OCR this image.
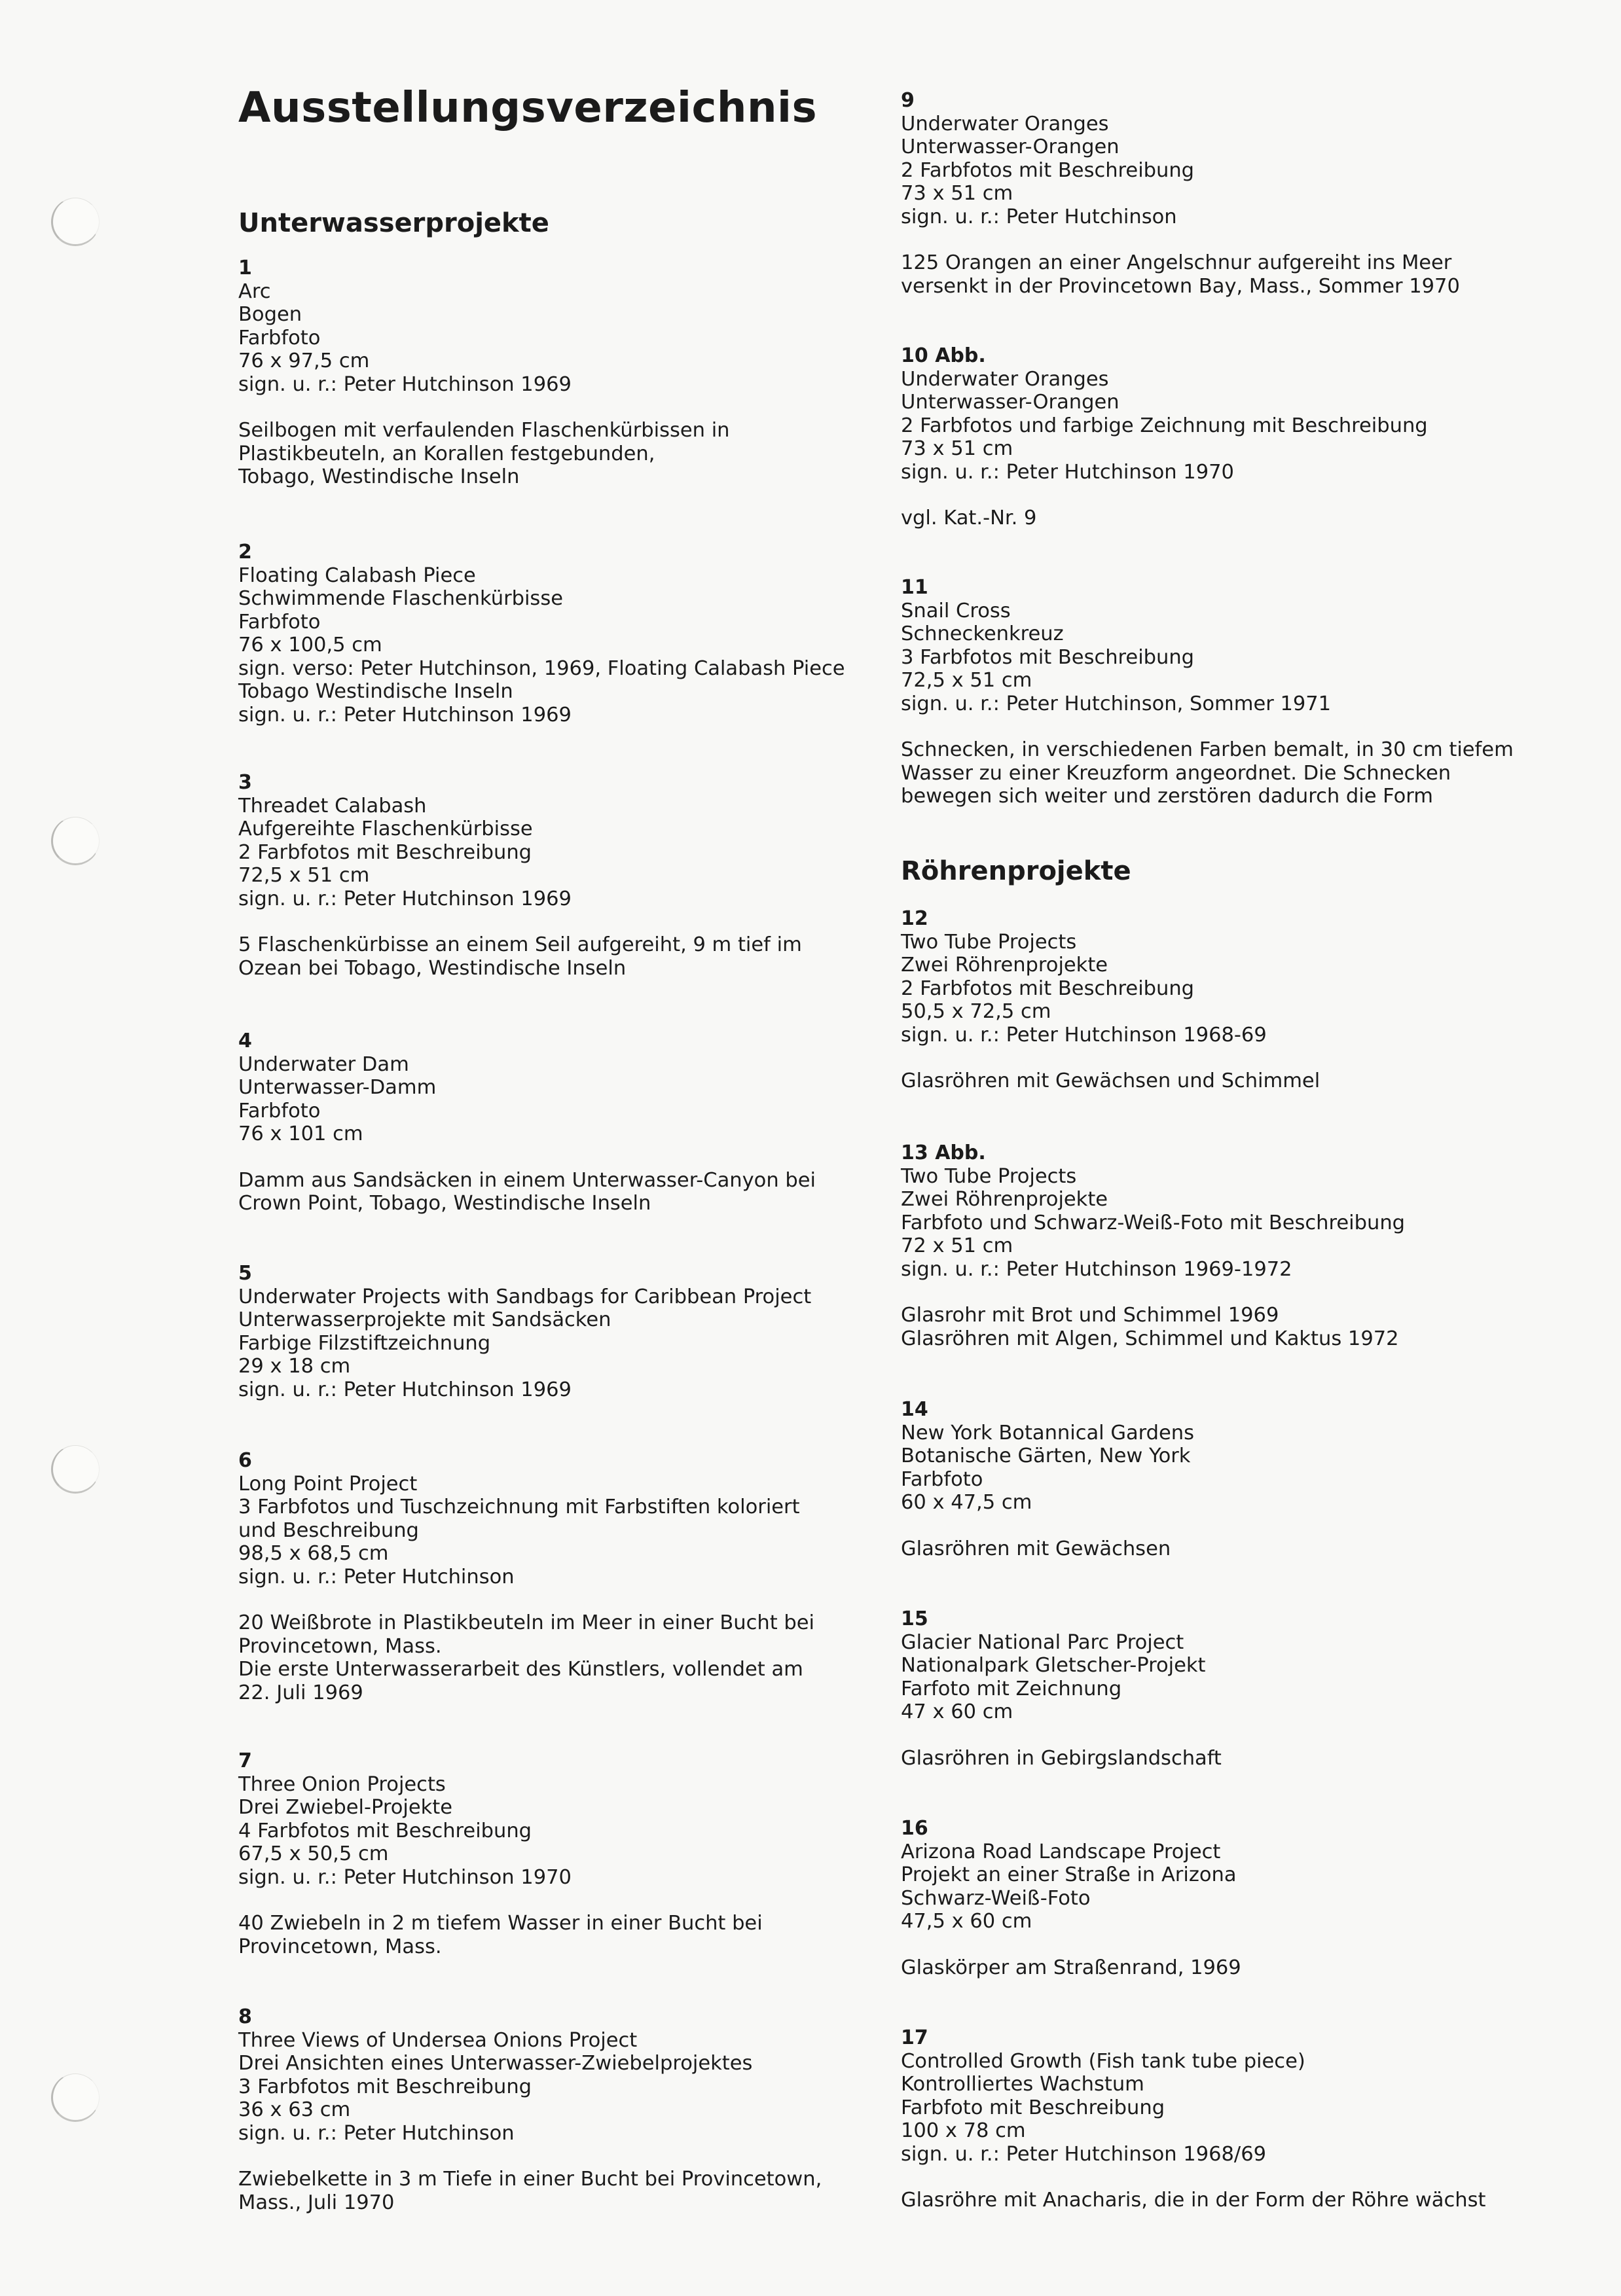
Ausstellungsverzeichnis
Unterwasserprojekte
Röhrenprojekte
1
Arc
Bogen
Farbfoto
76 x 97,5 cm
sign. u. r.: Peter Hutchinson 1969
Seilbogen mit verfaulenden Flaschenkürbissen in
Plastikbeuteln, an Korallen festgebunden,
Tobago, Westindische Inseln
2
Floating Calabash Piece
Schwimmende Flaschenkürbisse
Farbfoto
76 x 100,5 cm
sign. verso: Peter Hutchinson, 1969, Floating Calabash Piece
Tobago Westindische Inseln
sign. u. r.: Peter Hutchinson 1969
3
Threadet Calabash
Aufgereihte Flaschenkürbisse
2 Farbfotos mit Beschreibung
72,5 x 51 cm
sign. u. r.: Peter Hutchinson 1969
5 Flaschenkürbisse an einem Seil aufgereiht, 9 m tief im
Ozean bei Tobago, Westindische Inseln
4
Underwater Dam
Unterwasser-Damm
Farbfoto
76 x 101 cm
Damm aus Sandsäcken in einem Unterwasser-Canyon bei
Crown Point, Tobago, Westindische Inseln
5
Underwater Projects with Sandbags for Caribbean Project
Unterwasserprojekte mit Sandsäcken
Farbige Filzstiftzeichnung
29 x 18 cm
sign. u. r.: Peter Hutchinson 1969
6
Long Point Project
3 Farbfotos und Tuschzeichnung mit Farbstiften koloriert
und Beschreibung
98,5 x 68,5 cm
sign. u. r.: Peter Hutchinson
20 Weißbrote in Plastikbeuteln im Meer in einer Bucht bei
Provincetown, Mass.
Die erste Unterwasserarbeit des Künstlers, vollendet am
22. Juli 1969
7
Three Onion Projects
Drei Zwiebel-Projekte
4 Farbfotos mit Beschreibung
67,5 x 50,5 cm
sign. u. r.: Peter Hutchinson 1970
40 Zwiebeln in 2 m tiefem Wasser in einer Bucht bei
Provincetown, Mass.
8
Three Views of Undersea Onions Project
Drei Ansichten eines Unterwasser-Zwiebelprojektes
3 Farbfotos mit Beschreibung
36 x 63 cm
sign. u. r.: Peter Hutchinson
Zwiebelkette in 3 m Tiefe in einer Bucht bei Provincetown,
Mass., Juli 1970
9
Underwater Oranges
Unterwasser-Orangen
2 Farbfotos mit Beschreibung
73 x 51 cm
sign. u. r.: Peter Hutchinson
125 Orangen an einer Angelschnur aufgereiht ins Meer
versenkt in der Provincetown Bay, Mass., Sommer 1970
10 Abb.
Underwater Oranges
Unterwasser-Orangen
2 Farbfotos und farbige Zeichnung mit Beschreibung
73 x 51 cm
sign. u. r.: Peter Hutchinson 1970
vgl. Kat.-Nr. 9
11
Snail Cross
Schneckenkreuz
3 Farbfotos mit Beschreibung
72,5 x 51 cm
sign. u. r.: Peter Hutchinson, Sommer 1971
Schnecken, in verschiedenen Farben bemalt, in 30 cm tiefem
Wasser zu einer Kreuzform angeordnet. Die Schnecken
bewegen sich weiter und zerstören dadurch die Form
12
Two Tube Projects
Zwei Röhrenprojekte
2 Farbfotos mit Beschreibung
50,5 x 72,5 cm
sign. u. r.: Peter Hutchinson 1968-69
Glasröhren mit Gewächsen und Schimmel
13 Abb.
Two Tube Projects
Zwei Röhrenprojekte
Farbfoto und Schwarz-Weiß-Foto mit Beschreibung
72 x 51 cm
sign. u. r.: Peter Hutchinson 1969-1972
Glasrohr mit Brot und Schimmel 1969
Glasröhren mit Algen, Schimmel und Kaktus 1972
14
New York Botannical Gardens
Botanische Gärten, New York
Farbfoto
60 x 47,5 cm
Glasröhren mit Gewächsen
15
Glacier National Parc Project
Nationalpark Gletscher-Projekt
Farfoto mit Zeichnung
47 x 60 cm
Glasröhren in Gebirgslandschaft
16
Arizona Road Landscape Project
Projekt an einer Straße in Arizona
Schwarz-Weiß-Foto
47,5 x 60 cm
Glaskörper am Straßenrand, 1969
17
Controlled Growth (Fish tank tube piece)
Kontrolliertes Wachstum
Farbfoto mit Beschreibung
100 x 78 cm
sign. u. r.: Peter Hutchinson 1968/69
Glasröhre mit Anacharis, die in der Form der Röhre wächst
